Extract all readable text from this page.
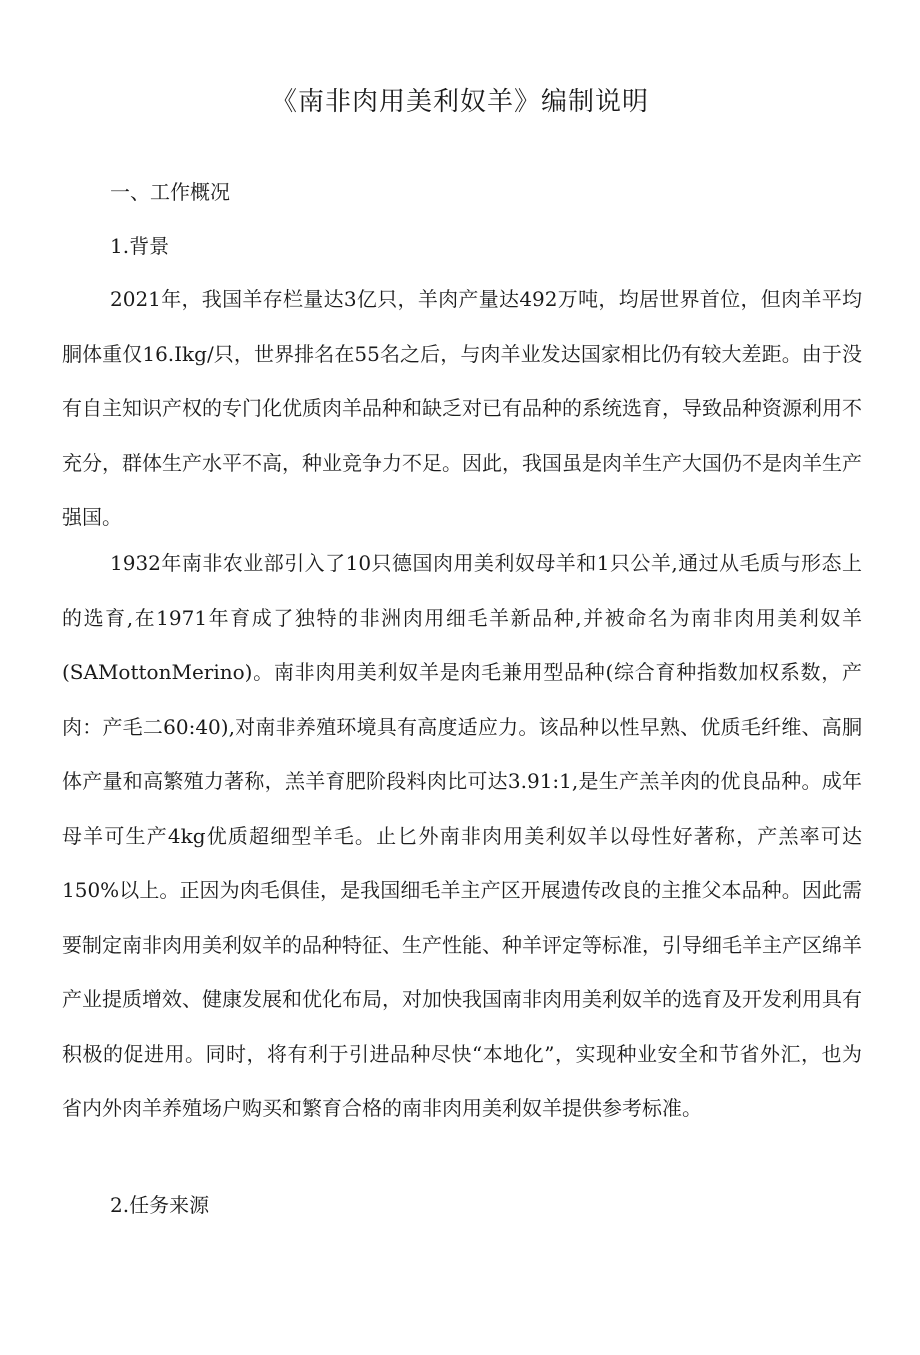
《南非肉用美利奴羊》编制说明
一、工作概况
1.背景

2021年，我国羊存栏量达3亿只，羊肉产量达492万吨，均居世界首位，但肉羊平均胴体重仅16.Ikg/只，世界排名在55名之后，与肉羊业发达国家相比仍有较大差距。由于没有自主知识产权的专门化优质肉羊品种和缺乏对已有品种的系统选育，导致品种资源利用不充分，群体生产水平不高，种业竞争力不足。因此，我国虽是肉羊生产大国仍不是肉羊生产强国。

1932年南非农业部引入了10只德国肉用美利奴母羊和1只公羊,通过从毛质与形态上的选育,在1971年育成了独特的非洲肉用细毛羊新品种,并被命名为南非肉用美利奴羊(SAMottonMerino)。南非肉用美利奴羊是肉毛兼用型品种(综合育种指数加权系数，产肉：产毛二60:40),对南非养殖环境具有高度适应力。该品种以性早熟、优质毛纤维、高胴体产量和高繁殖力著称，羔羊育肥阶段料肉比可达3.91:1,是生产羔羊肉的优良品种。成年母羊可生产4kg优质超细型羊毛。止匕外南非肉用美利奴羊以母性好著称，产羔率可达150%以上。正因为肉毛俱佳，是我国细毛羊主产区开展遗传改良的主推父本品种。因此需要制定南非肉用美利奴羊的品种特征、生产性能、种羊评定等标准，引导细毛羊主产区绵羊产业提质增效、健康发展和优化布局，对加快我国南非肉用美利奴羊的选育及开发利用具有积极的促进用。同时，将有利于引进品种尽快“本地化”，实现种业安全和节省外汇，也为省内外肉羊养殖场户购买和繁育合格的南非肉用美利奴羊提供参考标准。

2.任务来源
